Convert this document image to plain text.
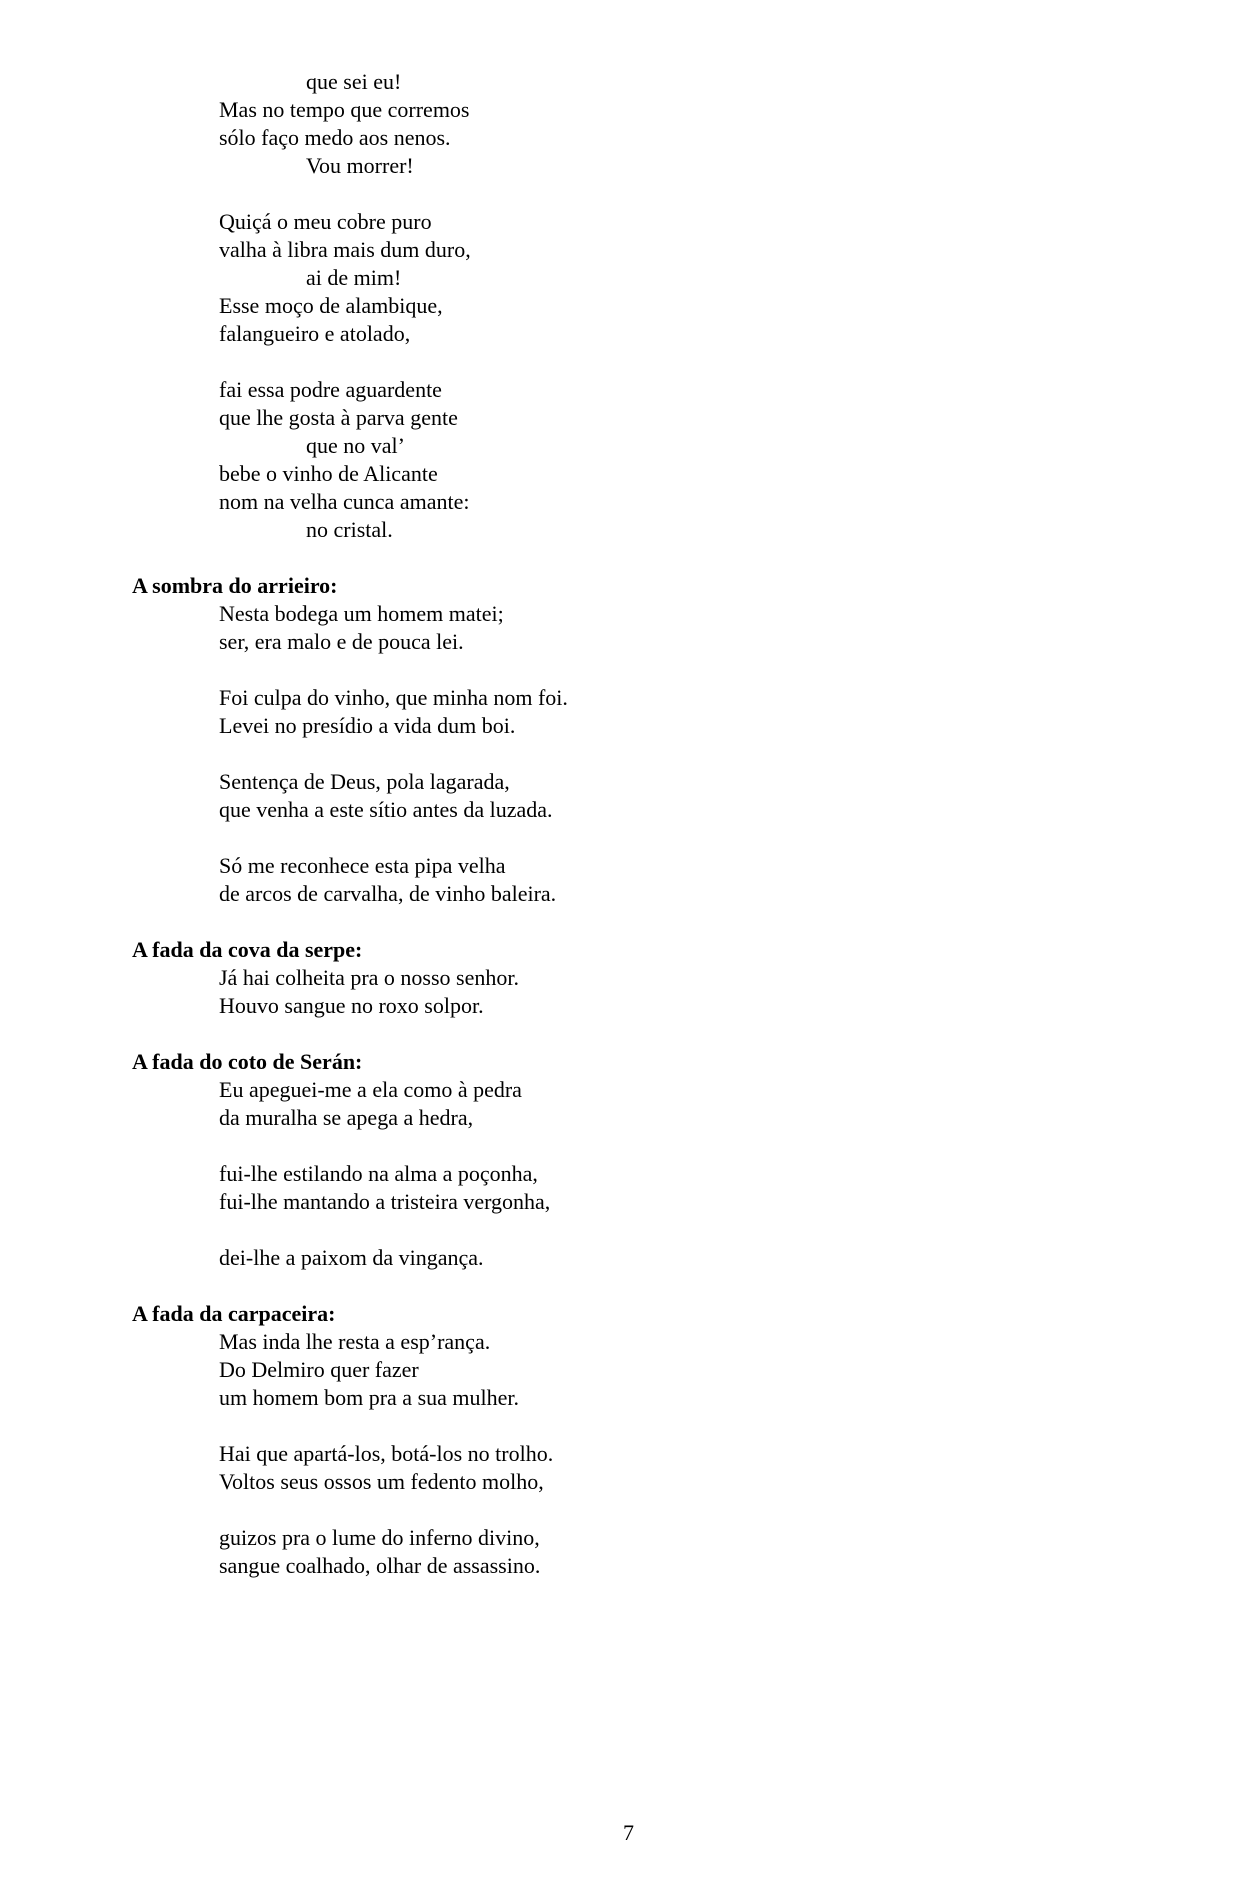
que sei eu!
Mas no tempo que corremos
sólo faço medo aos nenos.
Vou morrer!
Quiçá o meu cobre puro
valha à libra mais dum duro,
ai de mim!
Esse moço de alambique,
falangueiro e atolado,
fai essa podre aguardente
que lhe gosta à parva gente
que no val’
bebe o vinho de Alicante
nom na velha cunca amante:
no cristal.
A sombra do arrieiro:
Nesta bodega um homem matei;
ser, era malo e de pouca lei.
Foi culpa do vinho, que minha nom foi.
Levei no presídio a vida dum boi.
Sentença de Deus, pola lagarada,
que venha a este sítio antes da luzada.
Só me reconhece esta pipa velha
de arcos de carvalha, de vinho baleira.
A fada da cova da serpe:
Já hai colheita pra o nosso senhor.
Houvo sangue no roxo solpor.
A fada do coto de Serán:
Eu apeguei-me a ela como à pedra
da muralha se apega a hedra,
fui-lhe estilando na alma a poçonha,
fui-lhe mantando a tristeira vergonha,
dei-lhe a paixom da vingança.
A fada da carpaceira:
Mas inda lhe resta a esp’rança.
Do Delmiro quer fazer
um homem bom pra a sua mulher.
Hai que apartá-los, botá-los no trolho.
Voltos seus ossos um fedento molho,
guizos pra o lume do inferno divino,
sangue coalhado, olhar de assassino.
7
